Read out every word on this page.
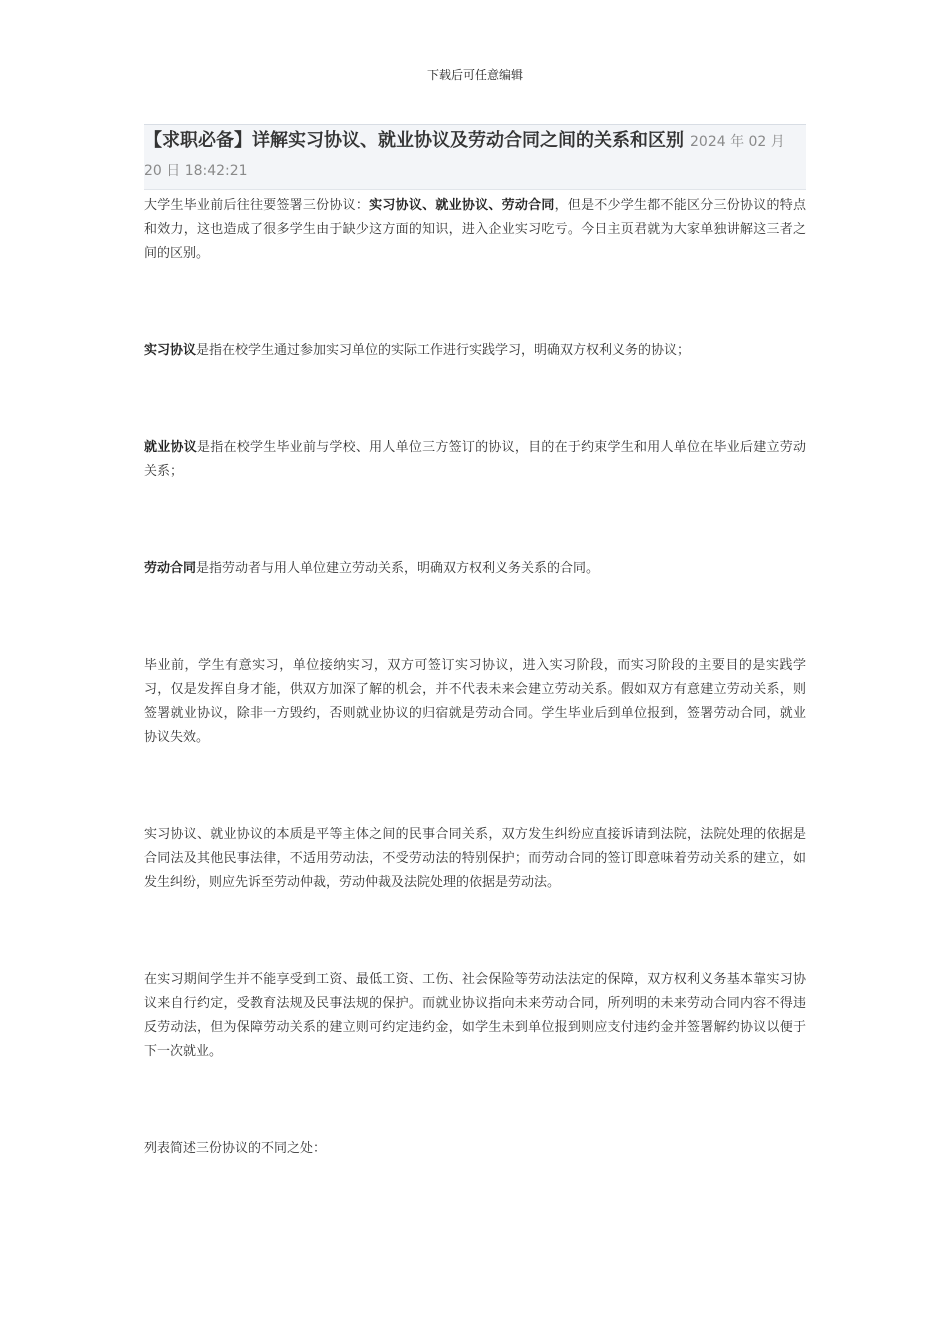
下载后可任意编辑
【求职必备】详解实习协议、就业协议及劳动合同之间的关系和区别 2024 年 02 月 20 日 18:42:21

大学生毕业前后往往要签署三份协议：实习协议、就业协议、劳动合同，但是不少学生都不能区分三份协议的特点和效力，这也造成了很多学生由于缺少这方面的知识，进入企业实习吃亏。今日主页君就为大家单独讲解这三者之间的区别。

实习协议是指在校学生通过参加实习单位的实际工作进行实践学习，明确双方权利义务的协议；

就业协议是指在校学生毕业前与学校、用人单位三方签订的协议，目的在于约束学生和用人单位在毕业后建立劳动关系；

劳动合同是指劳动者与用人单位建立劳动关系，明确双方权利义务关系的合同。

毕业前，学生有意实习，单位接纳实习，双方可签订实习协议，进入实习阶段，而实习阶段的主要目的是实践学习，仅是发挥自身才能，供双方加深了解的机会，并不代表未来会建立劳动关系。假如双方有意建立劳动关系，则签署就业协议，除非一方毁约，否则就业协议的归宿就是劳动合同。学生毕业后到单位报到，签署劳动合同，就业协议失效。

实习协议、就业协议的本质是平等主体之间的民事合同关系，双方发生纠纷应直接诉请到法院，法院处理的依据是合同法及其他民事法律，不适用劳动法，不受劳动法的特别保护；而劳动合同的签订即意味着劳动关系的建立，如发生纠纷，则应先诉至劳动仲裁，劳动仲裁及法院处理的依据是劳动法。

在实习期间学生并不能享受到工资、最低工资、工伤、社会保险等劳动法法定的保障，双方权利义务基本靠实习协议来自行约定，受教育法规及民事法规的保护。而就业协议指向未来劳动合同，所列明的未来劳动合同内容不得违反劳动法，但为保障劳动关系的建立则可约定违约金，如学生未到单位报到则应支付违约金并签署解约协议以便于下一次就业。

列表简述三份协议的不同之处：
